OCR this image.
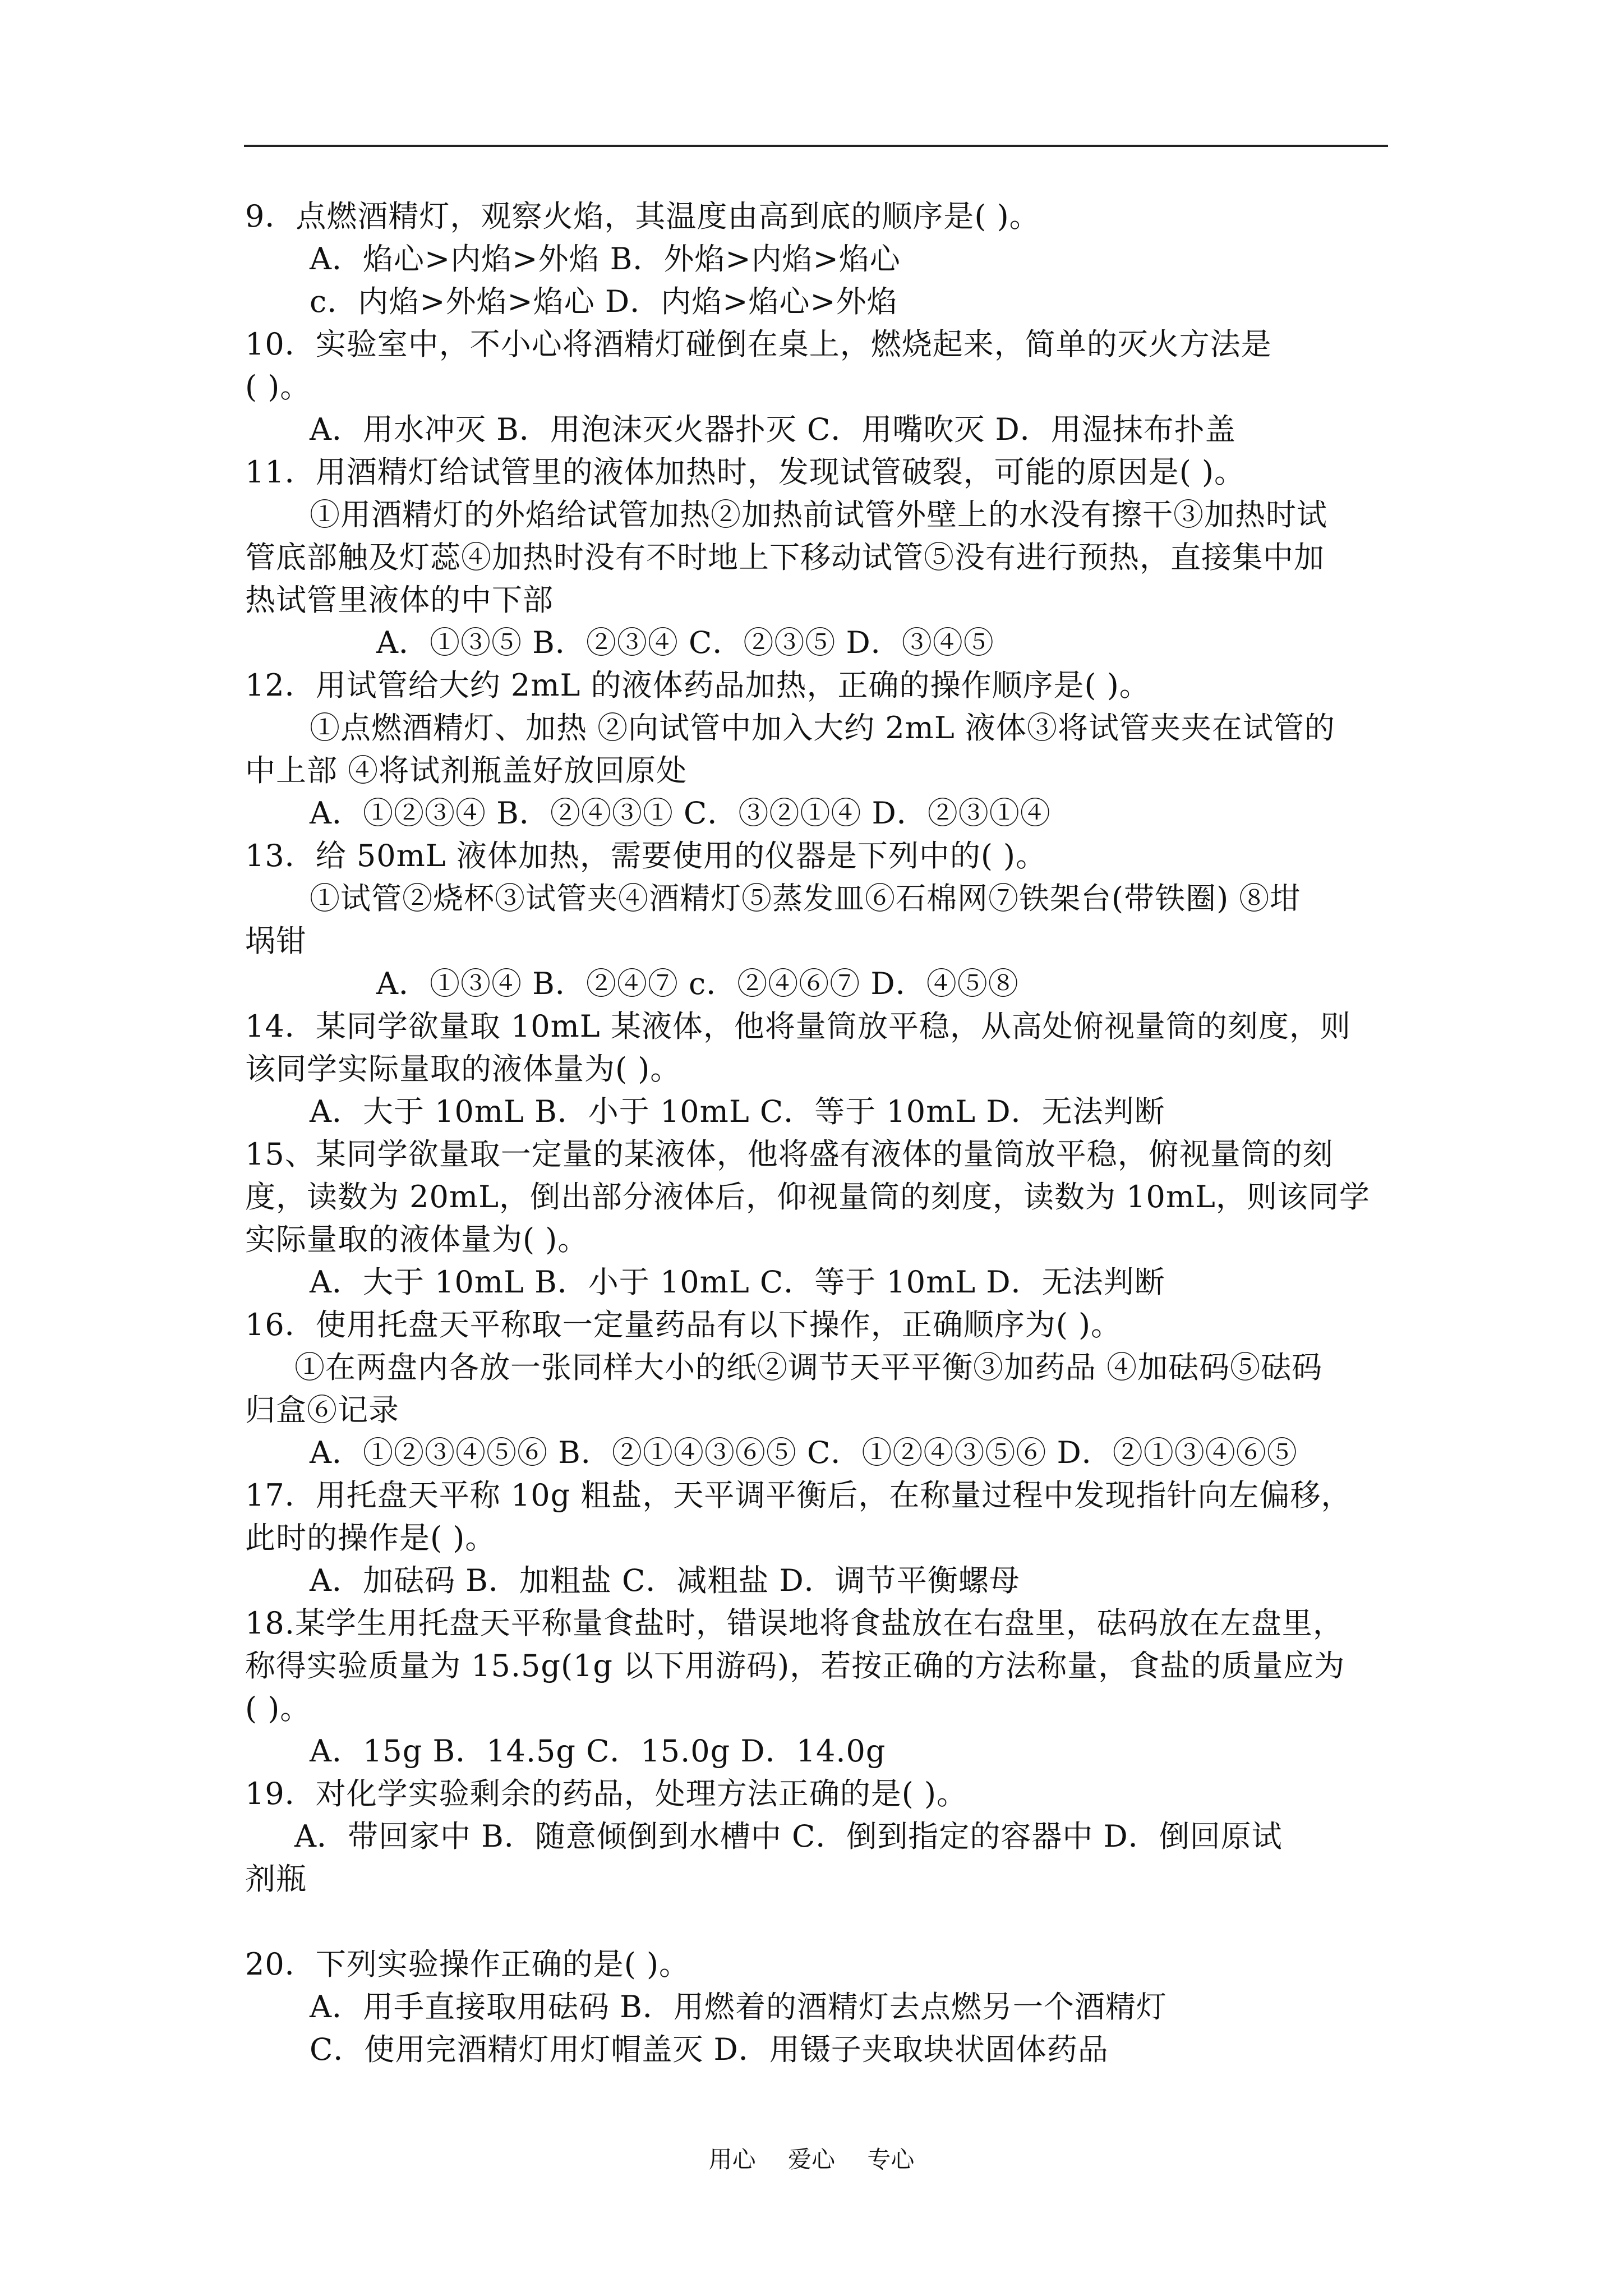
9．点燃酒精灯，观察火焰，其温度由高到底的顺序是( )。
A．焰心>内焰>外焰 B．外焰>内焰>焰心
c．内焰>外焰>焰心 D．内焰>焰心>外焰
10．实验室中，不小心将酒精灯碰倒在桌上，燃烧起来，简单的灭火方法是
( )。
A．用水冲灭 B．用泡沫灭火器扑灭 C．用嘴吹灭 D．用湿抹布扑盖
11．用酒精灯给试管里的液体加热时，发现试管破裂，可能的原因是( )。
①用酒精灯的外焰给试管加热②加热前试管外壁上的水没有擦干③加热时试
管底部触及灯蕊④加热时没有不时地上下移动试管⑤没有进行预热，直接集中加
热试管里液体的中下部
A．①③⑤ B．②③④ C．②③⑤ D．③④⑤
12．用试管给大约 2mL 的液体药品加热，正确的操作顺序是( )。
①点燃酒精灯、加热 ②向试管中加入大约 2mL 液体③将试管夹夹在试管的
中上部 ④将试剂瓶盖好放回原处
A．①②③④ B．②④③① C．③②①④ D．②③①④
13．给 50mL 液体加热，需要使用的仪器是下列中的( )。
①试管②烧杯③试管夹④酒精灯⑤蒸发皿⑥石棉网⑦铁架台(带铁圈) ⑧坩
埚钳
A．①③④ B．②④⑦ c．②④⑥⑦ D．④⑤⑧
14．某同学欲量取 10mL 某液体，他将量筒放平稳，从高处俯视量筒的刻度，则
该同学实际量取的液体量为( )。
A．大于 10mL B．小于 10mL C．等于 10mL D．无法判断
15、某同学欲量取一定量的某液体，他将盛有液体的量筒放平稳，俯视量筒的刻
度，读数为 20mL，倒出部分液体后，仰视量筒的刻度，读数为 10mL，则该同学
实际量取的液体量为( )。
A．大于 10mL B．小于 10mL C．等于 10mL D．无法判断
16．使用托盘天平称取一定量药品有以下操作，正确顺序为( )。
①在两盘内各放一张同样大小的纸②调节天平平衡③加药品 ④加砝码⑤砝码
归盒⑥记录
A．①②③④⑤⑥ B．②①④③⑥⑤ C．①②④③⑤⑥ D．②①③④⑥⑤
17．用托盘天平称 10g 粗盐，天平调平衡后，在称量过程中发现指针向左偏移，
此时的操作是( )。
A．加砝码 B．加粗盐 C．减粗盐 D．调节平衡螺母
18.某学生用托盘天平称量食盐时，错误地将食盐放在右盘里，砝码放在左盘里，
称得实验质量为 15.5g(1g 以下用游码)，若按正确的方法称量，食盐的质量应为
( )。
A．15g B．14.5g C．15.0g D．14.0g
19．对化学实验剩余的药品，处理方法正确的是( )。
A．带回家中 B．随意倾倒到水槽中 C．倒到指定的容器中 D．倒回原试
剂瓶
20．下列实验操作正确的是( )。
A．用手直接取用砝码 B．用燃着的酒精灯去点燃另一个酒精灯
C．使用完酒精灯用灯帽盖灭 D．用镊子夹取块状固体药品
用心 爱心 专心
